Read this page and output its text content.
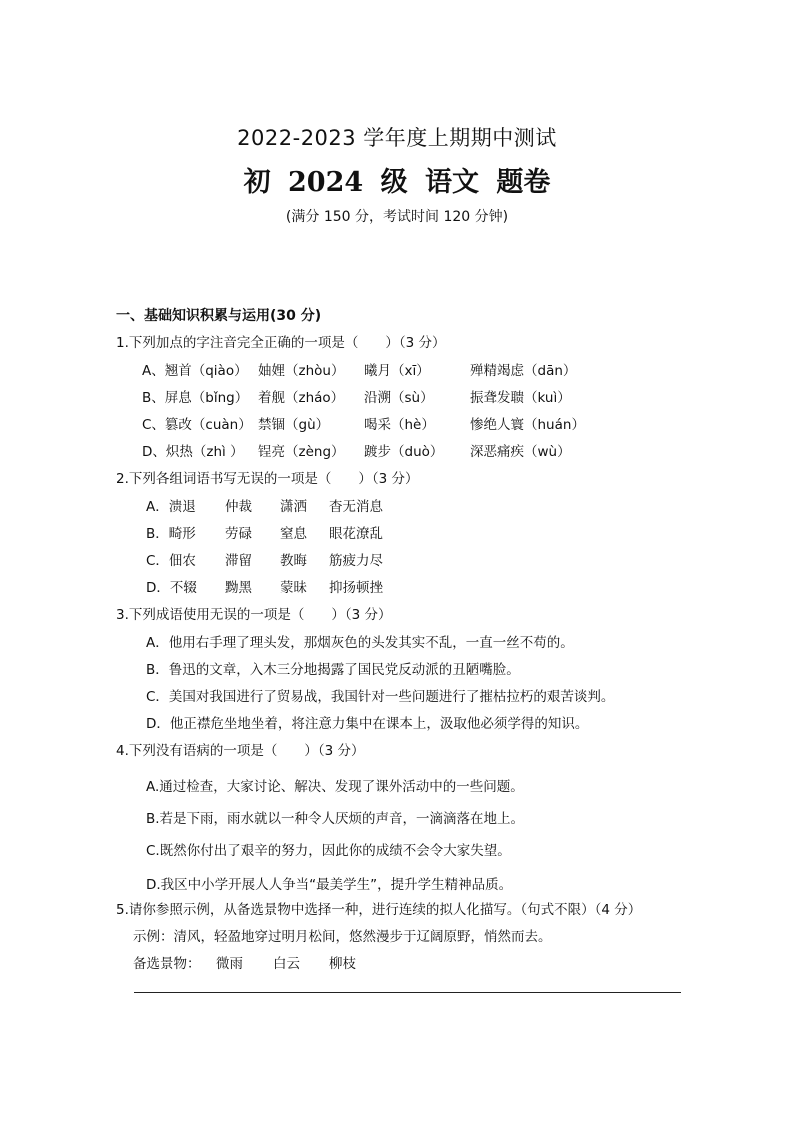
2022-2023 学年度上期期中测试
初 2024 级 语文 题卷
(满分 150 分，考试时间 120 分钟)
一、基础知识积累与运用(30 分)
1.下列加点的字注音完全正确的一项是（　　）（3 分）
A、翘首（qiào） 妯娌（zhòu） 曦月（xī）	殚精竭虑（dān）
B、屏息（bǐng） 着舰（zháo） 沿溯（sù）	振聋发聩（kuì）
C、篡改（cuàn） 禁锢（gù）	喝采（hè）	惨绝人寰（huán）
D、炽热（zhì ） 锃亮（zèng） 踱步（duò） 深恶痛疾（wù）
2.下列各组词语书写无误的一项是（　　）（3 分）
A．溃退 仲裁 潇洒 杳无消息
B．畸形 劳碌 窒息 眼花潦乱
C．佃农 滞留 教晦 筋疲力尽
D．不辍 黝黑 蒙昧 抑扬顿挫
3.下列成语使用无误的一项是（　　）（3 分）
A．他用右手理了理头发，那烟灰色的头发其实不乱，一直一丝不苟的。
B．鲁迅的文章，入木三分地揭露了国民党反动派的丑陋嘴脸。
C．美国对我国进行了贸易战，我国针对一些问题进行了摧枯拉朽的艰苦谈判。
D．他正襟危坐地坐着，将注意力集中在课本上，汲取他必须学得的知识。
4.下列没有语病的一项是（　　）（3 分）
A.通过检查，大家讨论、解决、发现了课外活动中的一些问题。
B.若是下雨，雨水就以一种令人厌烦的声音，一滴滴落在地上。
C.既然你付出了艰辛的努力，因此你的成绩不会令大家失望。
D.我区中小学开展人人争当“最美学生”，提升学生精神品质。
5.请你参照示例，从备选景物中选择一种，进行连续的拟人化描写。（句式不限）（4 分）
示例：清风，轻盈地穿过明月松间，悠然漫步于辽阔原野，悄然而去。
备选景物： 微雨 白云 柳枝
